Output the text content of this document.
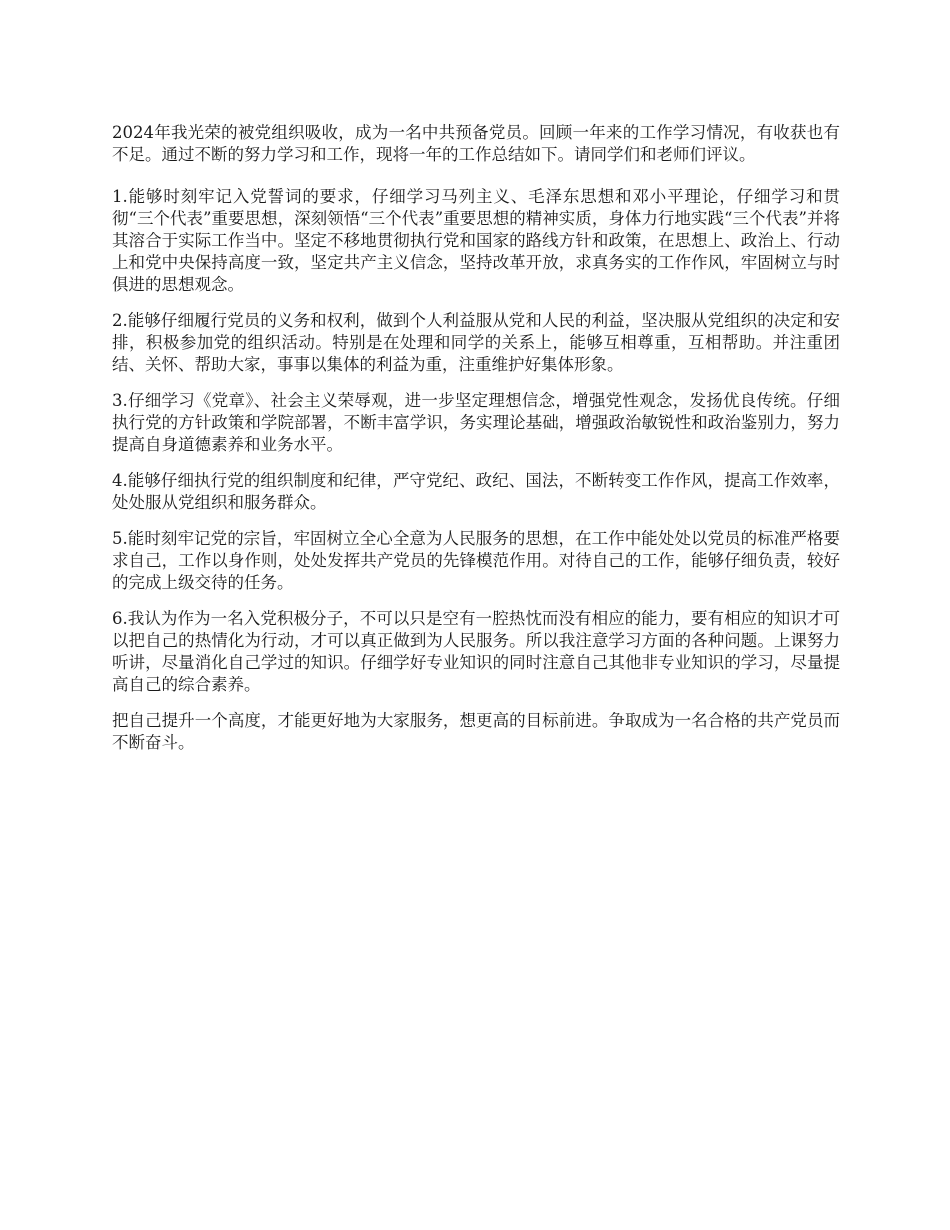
2024年我光荣的被党组织吸收，成为一名中共预备党员。回顾一年来的工作学习情况，有收获也有不足。通过不断的努力学习和工作，现将一年的工作总结如下。请同学们和老师们评议。

1.能够时刻牢记入党誓词的要求，仔细学习马列主义、毛泽东思想和邓小平理论，仔细学习和贯彻“三个代表”重要思想，深刻领悟“三个代表”重要思想的精神实质，身体力行地实践“三个代表”并将其溶合于实际工作当中。坚定不移地贯彻执行党和国家的路线方针和政策，在思想上、政治上、行动上和党中央保持高度一致，坚定共产主义信念，坚持改革开放，求真务实的工作作风，牢固树立与时俱进的思想观念。

2.能够仔细履行党员的义务和权利，做到个人利益服从党和人民的利益，坚决服从党组织的决定和安排，积极参加党的组织活动。特别是在处理和同学的关系上，能够互相尊重，互相帮助。并注重团结、关怀、帮助大家，事事以集体的利益为重，注重维护好集体形象。

3.仔细学习《党章》、社会主义荣辱观，进一步坚定理想信念，增强党性观念，发扬优良传统。仔细执行党的方针政策和学院部署，不断丰富学识，务实理论基础，增强政治敏锐性和政治鉴别力，努力提高自身道德素养和业务水平。

4.能够仔细执行党的组织制度和纪律，严守党纪、政纪、国法，不断转变工作作风，提高工作效率，处处服从党组织和服务群众。

5.能时刻牢记党的宗旨，牢固树立全心全意为人民服务的思想，在工作中能处处以党员的标准严格要求自己，工作以身作则，处处发挥共产党员的先锋模范作用。对待自己的工作，能够仔细负责，较好的完成上级交待的任务。

6.我认为作为一名入党积极分子，不可以只是空有一腔热忱而没有相应的能力，要有相应的知识才可以把自己的热情化为行动，才可以真正做到为人民服务。所以我注意学习方面的各种问题。上课努力听讲，尽量消化自己学过的知识。仔细学好专业知识的同时注意自己其他非专业知识的学习，尽量提高自己的综合素养。

把自己提升一个高度，才能更好地为大家服务，想更高的目标前进。争取成为一名合格的共产党员而不断奋斗。
